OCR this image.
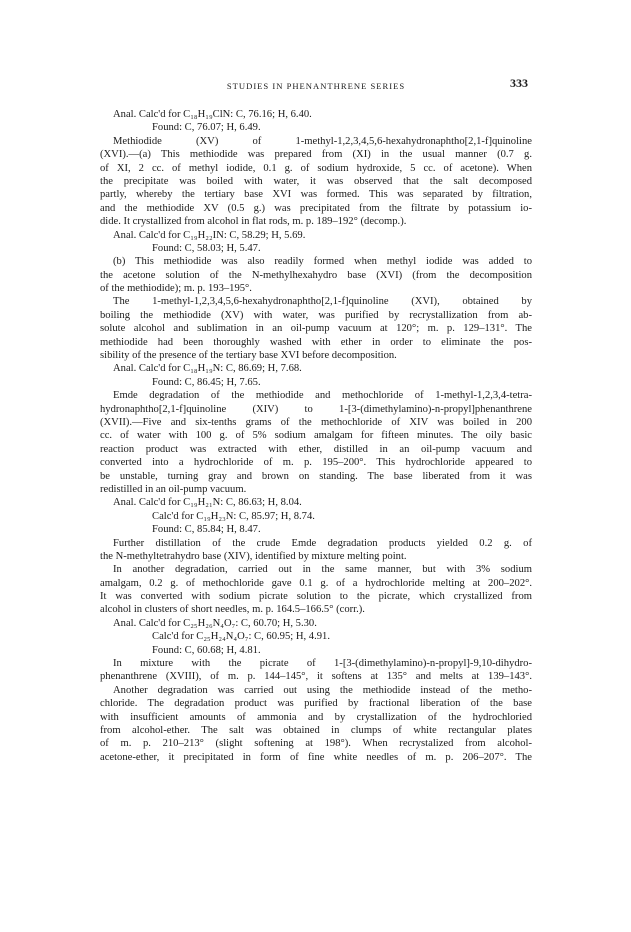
STUDIES IN PHENANTHRENE SERIES	333
Anal. Calc'd for C₁₈H₁₉ClN: C, 76.16; H, 6.40.
Found: C, 76.07; H, 6.49.
Methiodide (XV) of 1-methyl-1,2,3,4,5,6-hexahydronaphtho[2,1-f]quinoline
(XVI).—(a) This methiodide was prepared from (XI) in the usual manner (0.7 g.
of XI, 2 cc. of methyl iodide, 0.1 g. of sodium hydroxide, 5 cc. of acetone). When
the precipitate was boiled with water, it was observed that the salt decomposed
partly, whereby the tertiary base XVI was formed. This was separated by filtration,
and the methiodide XV (0.5 g.) was precipitated from the filtrate by potassium io-
dide. It crystallized from alcohol in flat rods, m. p. 189–192° (decomp.).
Anal. Calc'd for C₁₉H₂₂IN: C, 58.29; H, 5.69.
Found: C, 58.03; H, 5.47.
(b) This methiodide was also readily formed when methyl iodide was added to
the acetone solution of the N-methylhexahydro base (XVI) (from the decomposition
of the methiodide); m. p. 193–195°.
The 1-methyl-1,2,3,4,5,6-hexahydronaphtho[2,1-f]quinoline (XVI), obtained by
boiling the methiodide (XV) with water, was purified by recrystallization from ab-
solute alcohol and sublimation in an oil-pump vacuum at 120°; m. p. 129–131°. The
methiodide had been thoroughly washed with ether in order to eliminate the pos-
sibility of the presence of the tertiary base XVI before decomposition.
Anal. Calc'd for C₁₈H₁₉N: C, 86.69; H, 7.68.
Found: C, 86.45; H, 7.65.
Emde degradation of the methiodide and methochloride of 1-methyl-1,2,3,4-tetra-
hydronaphtho[2,1-f]quinoline (XIV) to 1-[3-(dimethylamino)-n-propyl]phenanthrene
(XVII).—Five and six-tenths grams of the methochloride of XIV was boiled in 200
cc. of water with 100 g. of 5% sodium amalgam for fifteen minutes. The oily basic
reaction product was extracted with ether, distilled in an oil-pump vacuum and
converted into a hydrochloride of m. p. 195–200°. This hydrochloride appeared to
be unstable, turning gray and brown on standing. The base liberated from it was
redistilled in an oil-pump vacuum.
Anal. Calc'd for C₁₉H₂₁N: C, 86.63; H, 8.04.
Calc'd for C₁₉H₂₃N: C, 85.97; H, 8.74.
Found: C, 85.84; H, 8.47.
Further distillation of the crude Emde degradation products yielded 0.2 g. of
the N-methyltetrahydro base (XIV), identified by mixture melting point.
In another degradation, carried out in the same manner, but with 3% sodium
amalgam, 0.2 g. of methochloride gave 0.1 g. of a hydrochloride melting at 200–202°.
It was converted with sodium picrate solution to the picrate, which crystallized from
alcohol in clusters of short needles, m. p. 164.5–166.5° (corr.).
Anal. Calc'd for C₂₅H₂₆N₄O₇: C, 60.70; H, 5.30.
Calc'd for C₂₅H₂₄N₄O₇: C, 60.95; H, 4.91.
Found: C, 60.68; H, 4.81.
In mixture with the picrate of 1-[3-(dimethylamino)-n-propyl]-9,10-dihydro-
phenanthrene (XVIII), of m. p. 144–145°, it softens at 135° and melts at 139–143°.
Another degradation was carried out using the methiodide instead of the metho-
chloride. The degradation product was purified by fractional liberation of the base
with insufficient amounts of ammonia and by crystallization of the hydrochlоried
from alcohol-ether. The salt was obtained in clumps of white rectangular plates
of m. p. 210–213° (slight softening at 198°). When recrystalized from alcohol-
acetone-ether, it precipitated in form of fine white needles of m. p. 206–207°. The
